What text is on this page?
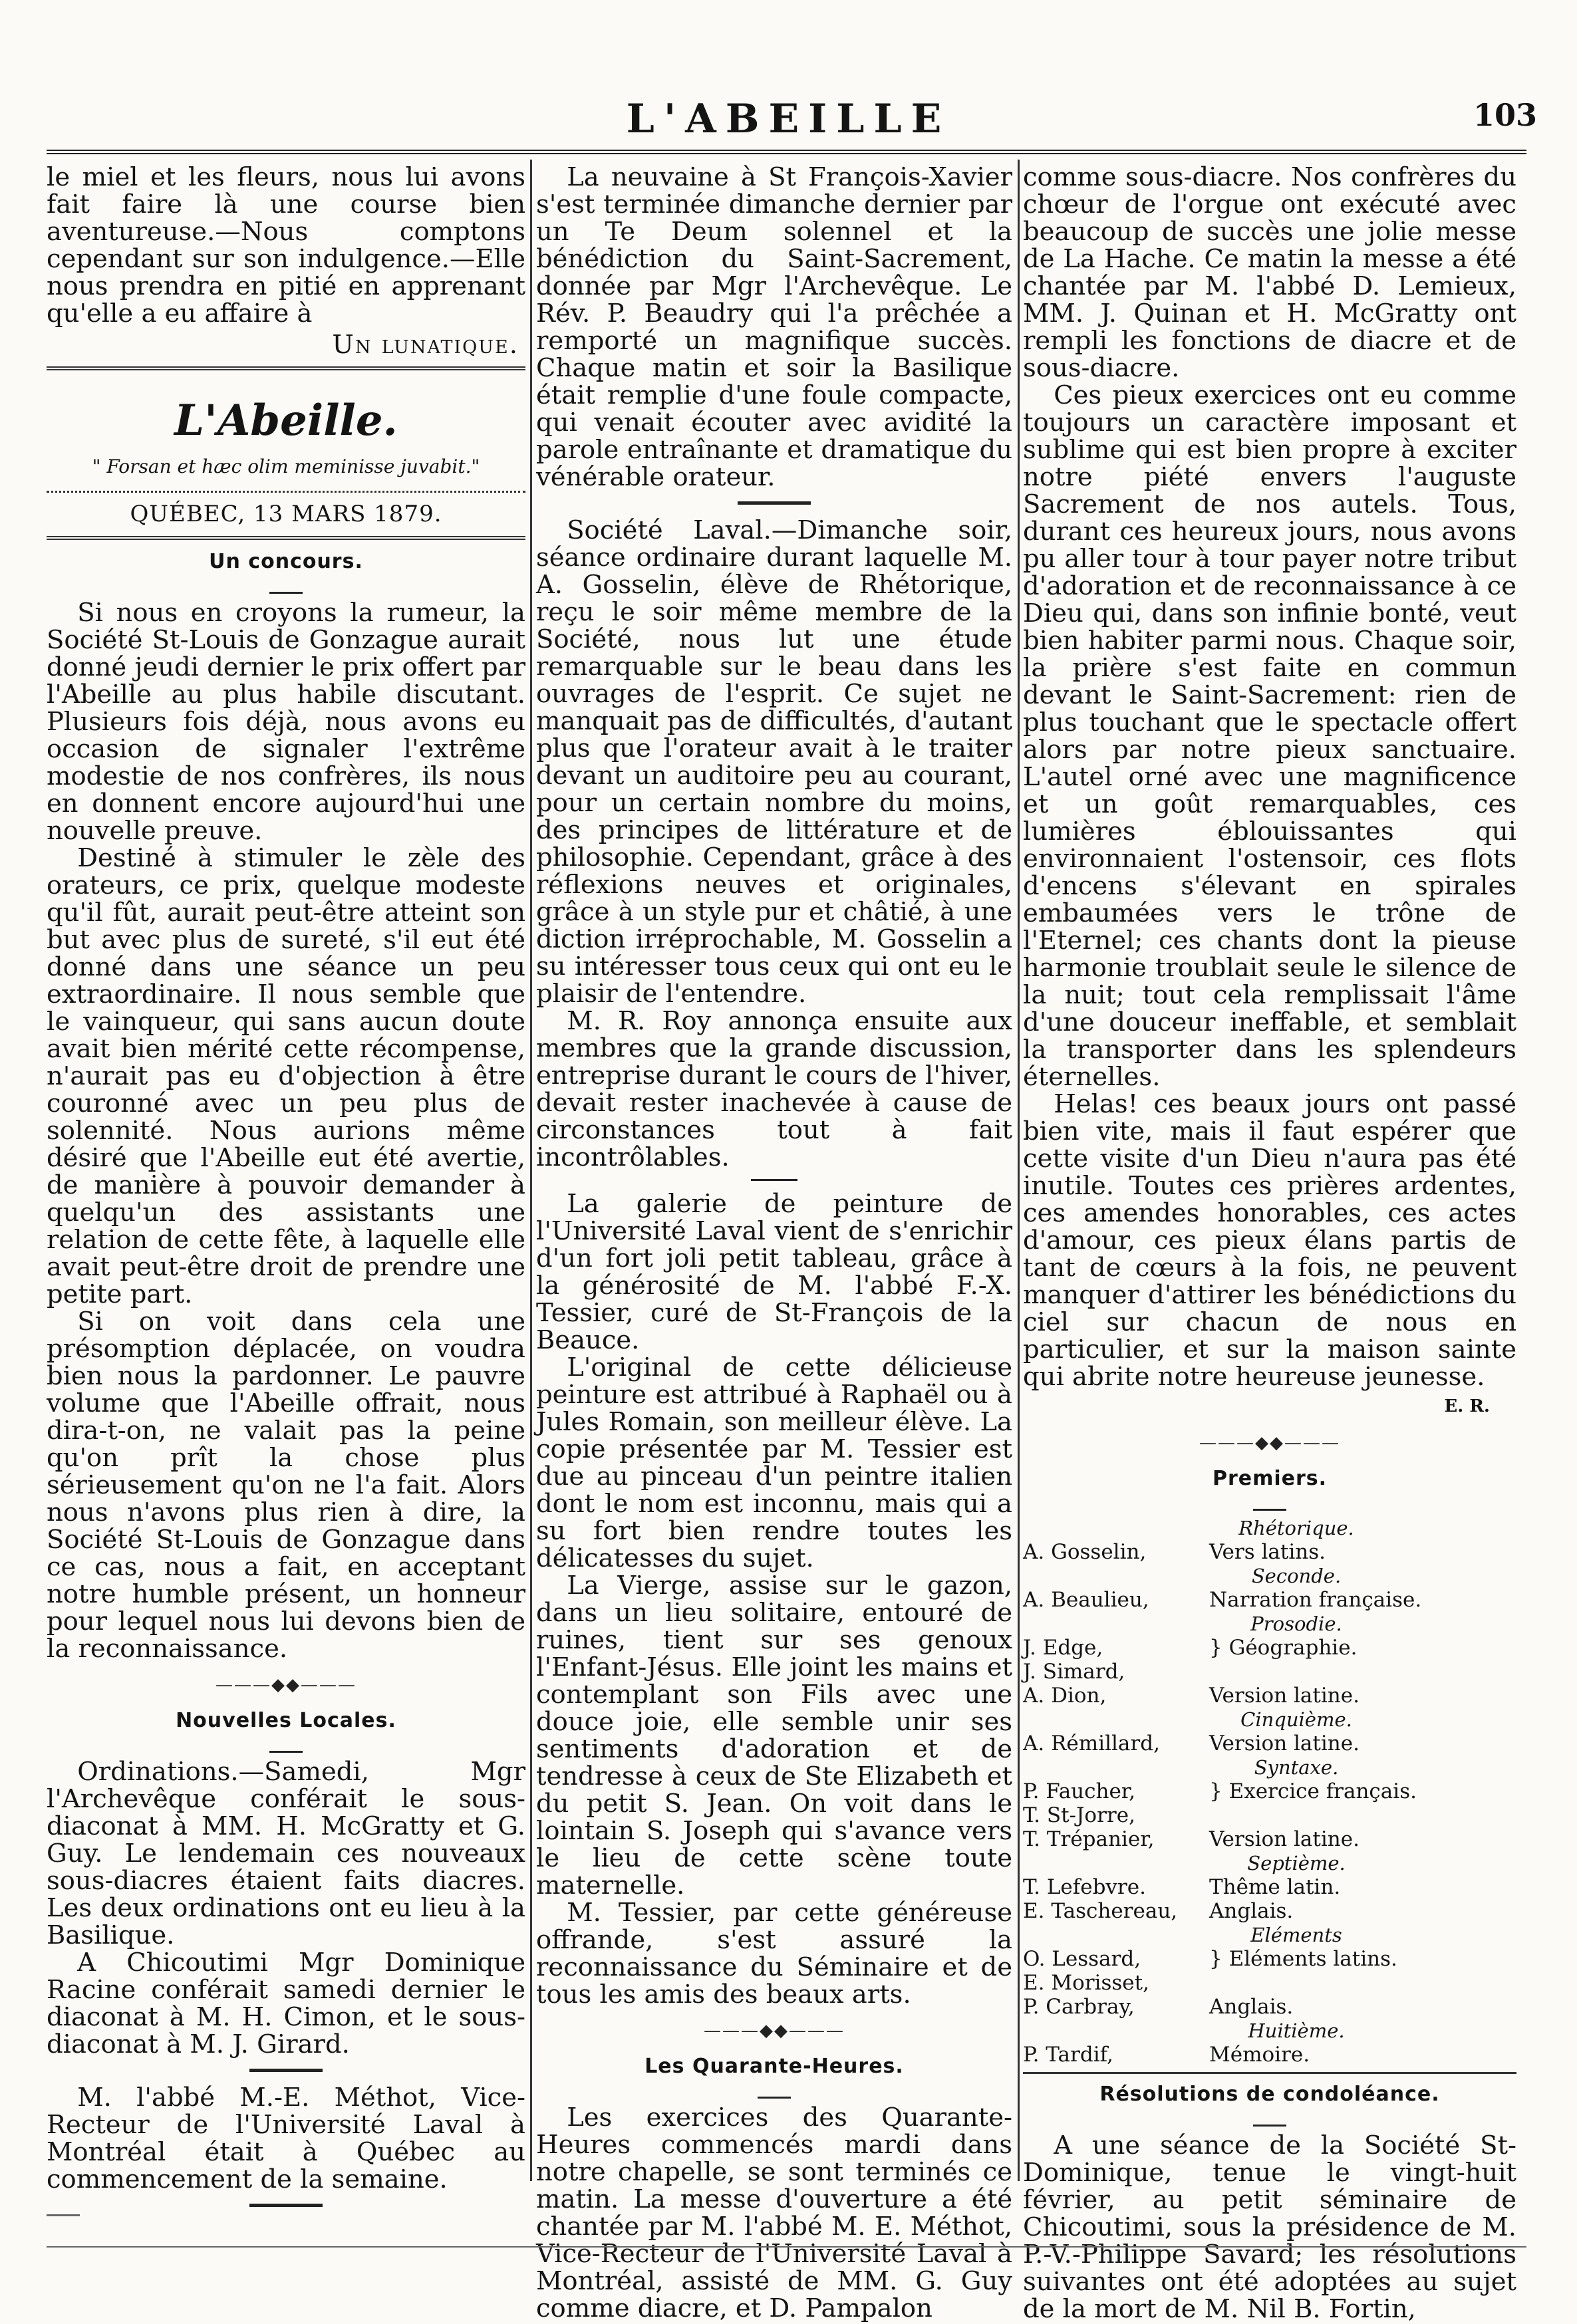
L'ABEILLE	103

le miel et les fleurs, nous lui avons fait faire là une course bien aventureuse.—Nous comptons cependant sur son indulgence.—Elle nous prendra en pitié en apprenant qu'elle a eu affaire à

Un lunatique.
L'Abeille.
" Forsan et hæc olim meminisse juvabit."
QUÉBEC, 13 MARS 1879.
Un concours.

Si nous en croyons la rumeur, la Société St-Louis de Gonzague aurait donné jeudi dernier le prix offert par l'Abeille au plus habile discutant. Plusieurs fois déjà, nous avons eu occasion de signaler l'extrême modestie de nos confrères, ils nous en donnent encore aujourd'hui une nouvelle preuve.

Destiné à stimuler le zèle des orateurs, ce prix, quelque modeste qu'il fût, aurait peut-être atteint son but avec plus de sureté, s'il eut été donné dans une séance un peu extraordinaire. Il nous semble que le vainqueur, qui sans aucun doute avait bien mérité cette récompense, n'aurait pas eu d'objection à être couronné avec un peu plus de solennité. Nous aurions même désiré que l'Abeille eut été avertie, de manière à pouvoir demander à quelqu'un des assistants une relation de cette fête, à laquelle elle avait peut-être droit de prendre une petite part.

Si on voit dans cela une présomption déplacée, on voudra bien nous la pardonner. Le pauvre volume que l'Abeille offrait, nous dira-t-on, ne valait pas la peine qu'on prît la chose plus sérieusement qu'on ne l'a fait. Alors nous n'avons plus rien à dire, la Société St-Louis de Gonzague dans ce cas, nous a fait, en acceptant notre humble présent, un honneur pour lequel nous lui devons bien de la reconnaissance.

———◆◆———
Nouvelles Locales.

Ordinations.—Samedi, Mgr l'Archevêque conférait le sous-diaconat à MM. H. McGratty et G. Guy. Le lendemain ces nouveaux sous-diacres étaient faits diacres. Les deux ordinations ont eu lieu à la Basilique.

A Chicoutimi Mgr Dominique Racine conférait samedi dernier le diaconat à M. H. Cimon, et le sous-diaconat à M. J. Girard.

M. l'abbé M.-E. Méthot, Vice-Recteur de l'Université Laval à Montréal était à Québec au commencement de la semaine.

La neuvaine à St François-Xavier s'est terminée dimanche dernier par un Te Deum solennel et la bénédiction du Saint-Sacrement, donnée par Mgr l'Archevêque. Le Rév. P. Beaudry qui l'a prêchée a remporté un magnifique succès. Chaque matin et soir la Basilique était remplie d'une foule compacte, qui venait écouter avec avidité la parole entraînante et dramatique du vénérable orateur.

Société Laval.—Dimanche soir, séance ordinaire durant laquelle M. A. Gosselin, élève de Rhétorique, reçu le soir même membre de la Société, nous lut une étude remarquable sur le beau dans les ouvrages de l'esprit. Ce sujet ne manquait pas de difficultés, d'autant plus que l'orateur avait à le traiter devant un auditoire peu au courant, pour un certain nombre du moins, des principes de littérature et de philosophie. Cependant, grâce à des réflexions neuves et originales, grâce à un style pur et châtié, à une diction irréprochable, M. Gosselin a su intéresser tous ceux qui ont eu le plaisir de l'entendre.

M. R. Roy annonça ensuite aux membres que la grande discussion, entreprise durant le cours de l'hiver, devait rester inachevée à cause de circonstances tout à fait incontrôlables.

La galerie de peinture de l'Université Laval vient de s'enrichir d'un fort joli petit tableau, grâce à la générosité de M. l'abbé F.-X. Tessier, curé de St-François de la Beauce.

L'original de cette délicieuse peinture est attribué à Raphaël ou à Jules Romain, son meilleur élève. La copie présentée par M. Tessier est due au pinceau d'un peintre italien dont le nom est inconnu, mais qui a su fort bien rendre toutes les délicatesses du sujet.

La Vierge, assise sur le gazon, dans un lieu solitaire, entouré de ruines, tient sur ses genoux l'Enfant-Jésus. Elle joint les mains et contemplant son Fils avec une douce joie, elle semble unir ses sentiments d'adoration et de tendresse à ceux de Ste Elizabeth et du petit S. Jean. On voit dans le lointain S. Joseph qui s'avance vers le lieu de cette scène toute maternelle.

M. Tessier, par cette généreuse offrande, s'est assuré la reconnaissance du Séminaire et de tous les amis des beaux arts.

———◆◆———
Les Quarante-Heures.

Les exercices des Quarante-Heures commencés mardi dans notre chapelle, se sont terminés ce matin. La messe d'ouverture a été chantée par M. l'abbé M. E. Méthot, Vice-Recteur de l'Université Laval à Montréal, assisté de MM. G. Guy comme diacre, et D. Pampalon

comme sous-diacre. Nos confrères du chœur de l'orgue ont exécuté avec beaucoup de succès une jolie messe de La Hache. Ce matin la messe a été chantée par M. l'abbé D. Lemieux, MM. J. Quinan et H. McGratty ont rempli les fonctions de diacre et de sous-diacre.

Ces pieux exercices ont eu comme toujours un caractère imposant et sublime qui est bien propre à exciter notre piété envers l'auguste Sacrement de nos autels. Tous, durant ces heureux jours, nous avons pu aller tour à tour payer notre tribut d'adoration et de reconnaissance à ce Dieu qui, dans son infinie bonté, veut bien habiter parmi nous. Chaque soir, la prière s'est faite en commun devant le Saint-Sacrement: rien de plus touchant que le spectacle offert alors par notre pieux sanctuaire. L'autel orné avec une magnificence et un goût remarquables, ces lumières éblouissantes qui environnaient l'ostensoir, ces flots d'encens s'élevant en spirales embaumées vers le trône de l'Eternel; ces chants dont la pieuse harmonie troublait seule le silence de la nuit; tout cela remplissait l'âme d'une douceur ineffable, et semblait la transporter dans les splendeurs éternelles.

Helas! ces beaux jours ont passé bien vite, mais il faut espérer que cette visite d'un Dieu n'aura pas été inutile. Toutes ces prières ardentes, ces amendes honorables, ces actes d'amour, ces pieux élans partis de tant de cœurs à la fois, ne peuvent manquer d'attirer les bénédictions du ciel sur chacun de nous en particulier, et sur la maison sainte qui abrite notre heureuse jeunesse.

E. R.
———◆◆———
Premiers.
Rhétorique.	
A. Gosselin,	Vers latins.
Seconde.	
A. Beaulieu,	Narration française.
Prosodie.	
J. Edge,	} Géographie.
J. Simard,	
A. Dion,	Version latine.
Cinquième.	
A. Rémillard,	Version latine.
Syntaxe.	
P. Faucher,	} Exercice français.
T. St-Jorre,	
T. Trépanier,	Version latine.
Septième.	
T. Lefebvre.	Thême latin.
E. Taschereau,	Anglais.
Eléments	
O. Lessard,	} Eléments latins.
E. Morisset,	
P. Carbray,	Anglais.
Huitième.	
P. Tardif,	Mémoire.
Résolutions de condoléance.

A une séance de la Société St-Dominique, tenue le vingt-huit février, au petit séminaire de Chicoutimi, sous la présidence de M. P.-V.-Philippe Savard; les résolutions suivantes ont été adoptées au sujet de la mort de M. Nil B. Fortin,
